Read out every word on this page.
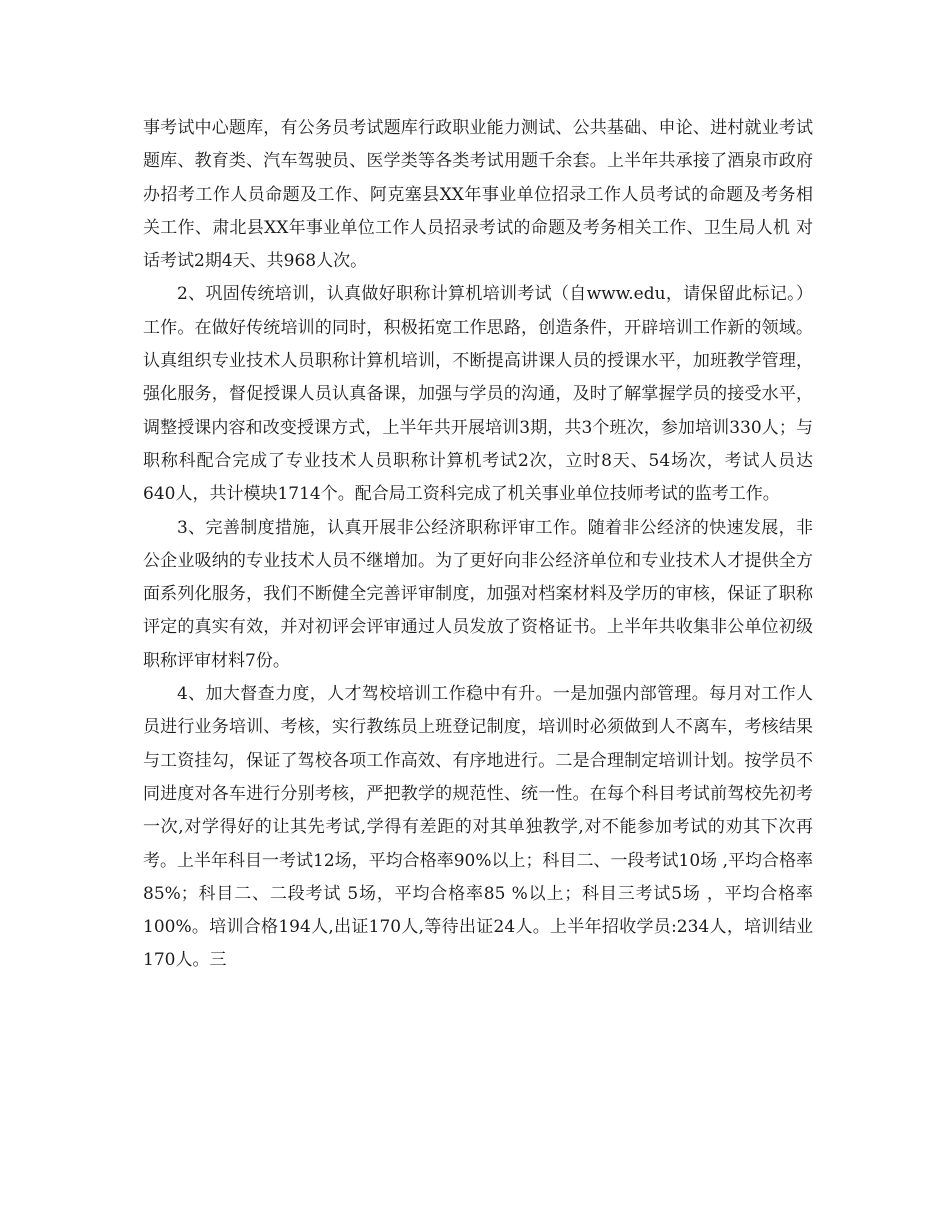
事考试中心题库，有公务员考试题库行政职业能力测试、公共基础、申论、进村就业考试题库、教育类、汽车驾驶员、医学类等各类考试用题千余套。上半年共承接了酒泉市政府办招考工作人员命题及工作、阿克塞县XX年事业单位招录工作人员考试的命题及考务相关工作、肃北县XX年事业单位工作人员招录考试的命题及考务相关工作、卫生局人机 对话考试2期4天、共968人次。

2、巩固传统培训，认真做好职称计算机培训考试（自www.edu，请保留此标记。）工作。在做好传统培训的同时，积极拓宽工作思路，创造条件，开辟培训工作新的领域。认真组织专业技术人员职称计算机培训，不断提高讲课人员的授课水平，加班教学管理，强化服务，督促授课人员认真备课，加强与学员的沟通，及时了解掌握学员的接受水平，调整授课内容和改变授课方式，上半年共开展培训3期，共3个班次，参加培训330人；与职称科配合完成了专业技术人员职称计算机考试2次，立时8天、54场次，考试人员达640人，共计模块1714个。配合局工资科完成了机关事业单位技师考试的监考工作。

3、完善制度措施，认真开展非公经济职称评审工作。随着非公经济的快速发展，非公企业吸纳的专业技术人员不继增加。为了更好向非公经济单位和专业技术人才提供全方面系列化服务，我们不断健全完善评审制度，加强对档案材料及学历的审核，保证了职称评定的真实有效，并对初评会评审通过人员发放了资格证书。上半年共收集非公单位初级职称评审材料7份。

4、加大督查力度，人才驾校培训工作稳中有升。一是加强内部管理。每月对工作人员进行业务培训、考核，实行教练员上班登记制度，培训时必须做到人不离车，考核结果与工资挂勾，保证了驾校各项工作高效、有序地进行。二是合理制定培训计划。按学员不同进度对各车进行分别考核，严把教学的规范性、统一性。在每个科目考试前驾校先初考一次,对学得好的让其先考试,学得有差距的对其单独教学,对不能参加考试的劝其下次再考。上半年科目一考试12场，平均合格率90%以上；科目二、一段考试10场 ,平均合格率85%；科目二、二段考试 5场，平均合格率85 %以上；科目三考试5场 ，平均合格率100%。培训合格194人,出证170人,等待出证24人。上半年招收学员:234人，培训结业 170人。三
